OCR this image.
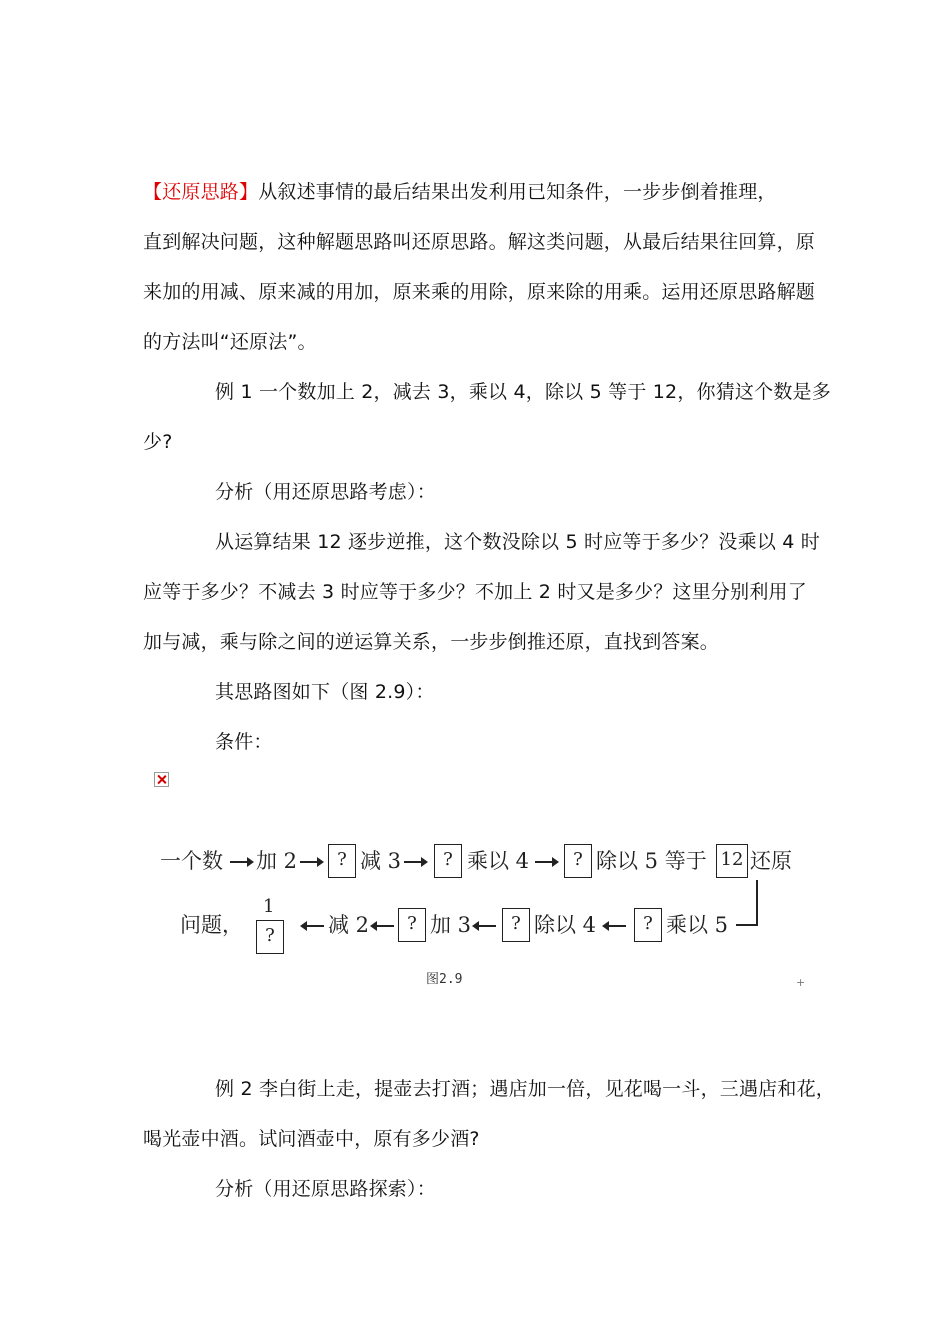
【还原思路】从叙述事情的最后结果出发利用已知条件，一步步倒着推理，
直到解决问题，这种解题思路叫还原思路。解这类问题，从最后结果往回算，原
来加的用减、原来减的用加，原来乘的用除，原来除的用乘。运用还原思路解题
的方法叫“还原法”。
例 1 一个数加上 2，减去 3，乘以 4，除以 5 等于 12，你猜这个数是多
少?
分析（用还原思路考虑）：
从运算结果 12 逐步逆推，这个数没除以 5 时应等于多少？没乘以 4 时
应等于多少？不减去 3 时应等于多少？不加上 2 时又是多少？这里分别利用了
加与减，乘与除之间的逆运算关系，一步步倒推还原，直找到答案。
其思路图如下（图 2.9）：
条件：
一个数 加 2	? 减 3	? 乘以 4	? 除以 5 等于 12 还原
问题，
1
?	减 2	? 加 3	? 除以 4	? 乘以 5
图2.9	+
例 2 李白街上走，提壶去打酒；遇店加一倍，见花喝一斗，三遇店和花，
喝光壶中酒。试问酒壶中，原有多少酒?
分析（用还原思路探索）：
